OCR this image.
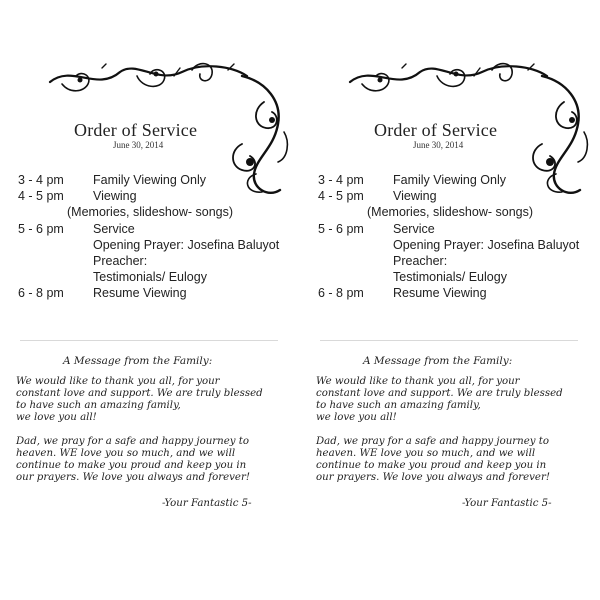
Order of Service
June 30, 2014
3 - 4 pm Family Viewing Only
4 - 5 pm Viewing
(Memories, slideshow- songs)
5 - 6 pm Service
Opening Prayer: Josefina Baluyot
Preacher:
Testimonials/ Eulogy
6 - 8 pm Resume Viewing
A Message from the Family:

We would like to thank you all, for your

constant love and support. We are truly blessed

to have such an amazing family,

we love you all!

Dad, we pray for a safe and happy journey to

heaven. WE love you so much, and we will

continue to make you proud and keep you in

our prayers. We love you always and forever!

-Your Fantastic 5-
Order of Service
June 30, 2014
3 - 4 pm Family Viewing Only
4 - 5 pm Viewing
(Memories, slideshow- songs)
5 - 6 pm Service
Opening Prayer: Josefina Baluyot
Preacher:
Testimonials/ Eulogy
6 - 8 pm Resume Viewing
A Message from the Family:

We would like to thank you all, for your

constant love and support. We are truly blessed

to have such an amazing family,

we love you all!

Dad, we pray for a safe and happy journey to

heaven. WE love you so much, and we will

continue to make you proud and keep you in

our prayers. We love you always and forever!

-Your Fantastic 5-
